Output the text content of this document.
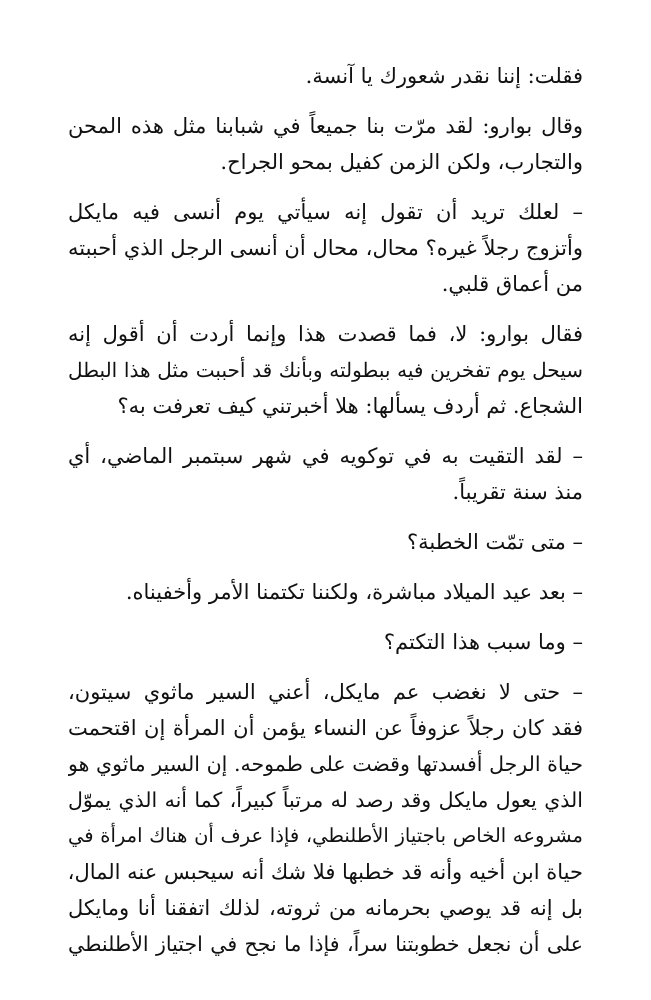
فقلت: إننا نقدر شعورك يا آنسة.

وقال بوارو: لقد مرّت بنا جميعاً في شبابنا مثل هذه المحن
والتجارب، ولكن الزمن كفيل بمحو الجراح.

– لعلك تريد أن تقول إنه سيأتي يوم أنسى فيه مايكل
وأتزوج رجلاً غيره؟ محال، محال أن أنسى الرجل الذي أحببته
من أعماق قلبي.

فقال بوارو: لا، فما قصدت هذا وإنما أردت أن أقول إنه
سيحل يوم تفخرين فيه ببطولته وبأنك قد أحببت مثل هذا البطل
الشجاع. ثم أردف يسألها: هلا أخبرتني كيف تعرفت به؟

– لقد التقيت به في توكويه في شهر سبتمبر الماضي، أي
منذ سنة تقريباً.

– متى تمّت الخطبة؟

– بعد عيد الميلاد مباشرة، ولكننا تكتمنا الأمر وأخفيناه.

– وما سبب هذا التكتم؟

– حتى لا نغضب عم مايكل، أعني السير ماثوي سيتون،
فقد كان رجلاً عزوفاً عن النساء يؤمن أن المرأة إن اقتحمت
حياة الرجل أفسدتها وقضت على طموحه. إن السير ماثوي هو
الذي يعول مايكل وقد رصد له مرتباً كبيراً، كما أنه الذي يموّل
مشروعه الخاص باجتياز الأطلنطي، فإذا عرف أن هناك امرأة في
حياة ابن أخيه وأنه قد خطبها فلا شك أنه سيحبس عنه المال،
بل إنه قد يوصي بحرمانه من ثروته، لذلك اتفقنا أنا ومايكل
على أن نجعل خطوبتنا سراً، فإذا ما نجح في اجتياز الأطلنطي
